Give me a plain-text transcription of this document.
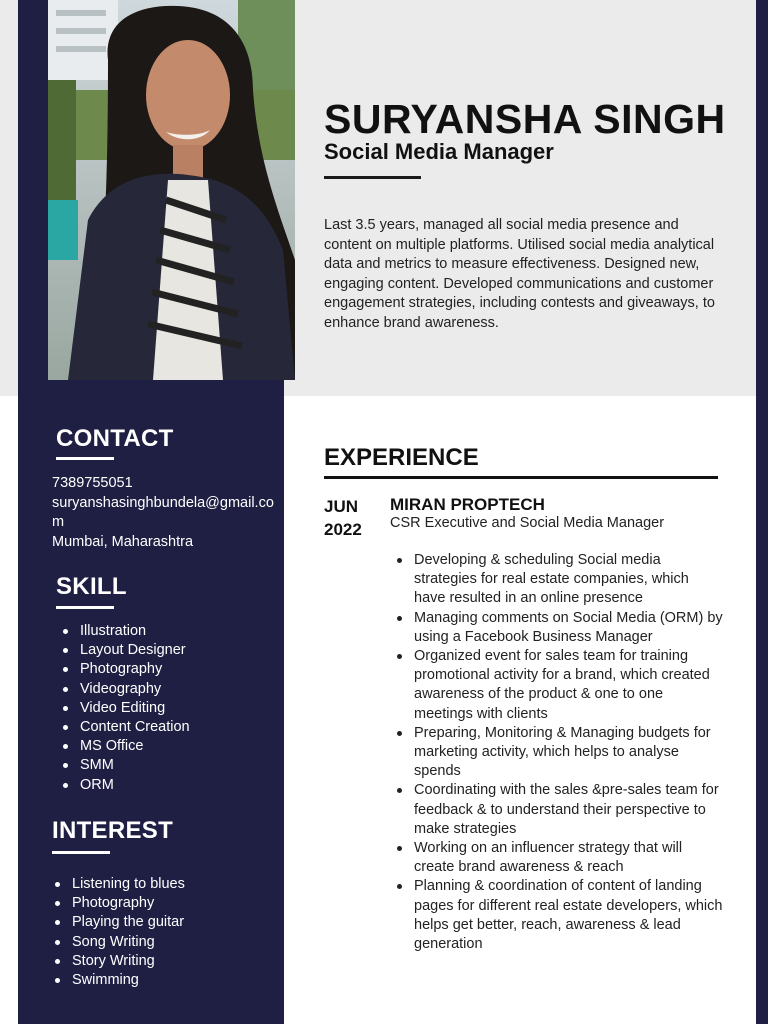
SURYANSHA SINGH
Social Media Manager

Last 3.5 years, managed all social media presence and content on multiple platforms. Utilised social media analytical data and metrics to measure effectiveness. Designed new, engaging content. Developed communications and customer engagement strategies, including contests and giveaways, to enhance brand awareness.

CONTACT
7389755051
suryanshasinghbundela@gmail.com
Mumbai, Maharashtra
SKILL
Illustration
Layout Designer
Photography
Videography
Video Editing
Content Creation
MS Office
SMM
ORM
INTEREST
Listening to blues
Photography
Playing the guitar
Song Writing
Story Writing
Swimming
EXPERIENCE
JUN 2022
MIRAN PROPTECH
CSR Executive and Social Media Manager
Developing & scheduling Social media strategies for real estate companies, which have resulted in an online presence
Managing comments on Social Media (ORM) by using a Facebook Business Manager
Organized event for sales team for training promotional activity for a brand, which created awareness of the product & one to one meetings with clients
Preparing, Monitoring & Managing budgets for marketing activity, which helps to analyse spends
Coordinating with the sales &pre-sales team for feedback & to understand their perspective to make strategies
Working on an influencer strategy that will create brand awareness & reach
Planning & coordination of content of landing pages for different real estate developers, which helps get better, reach, awareness & lead generation
